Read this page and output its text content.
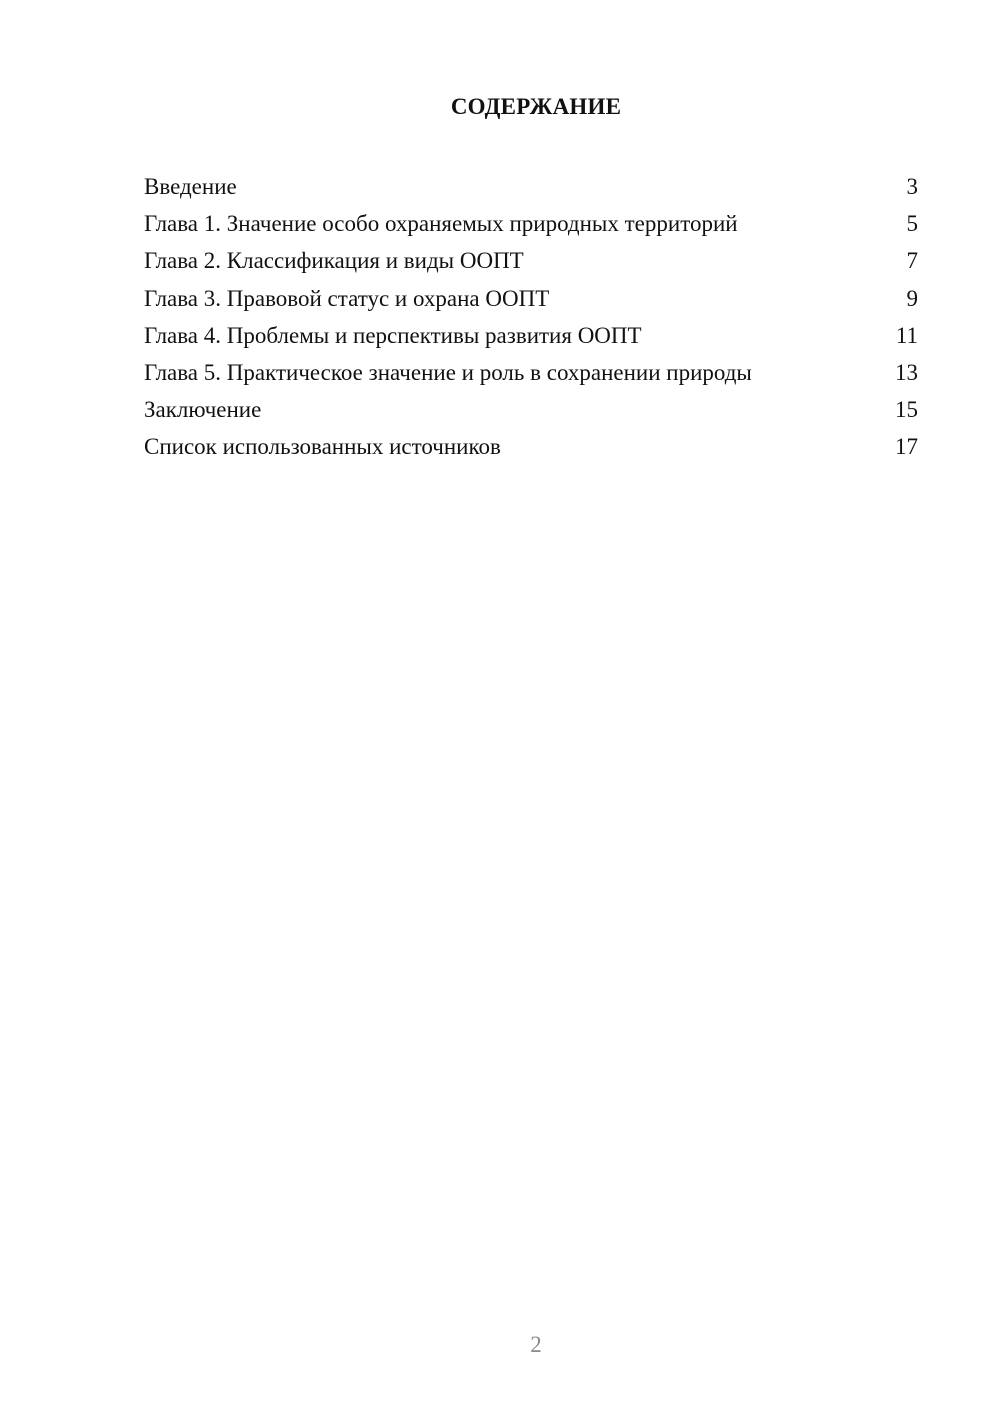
СОДЕРЖАНИЕ
Введение	3
Глава 1. Значение особо охраняемых природных территорий	5
Глава 2. Классификация и виды ООПТ	7
Глава 3. Правовой статус и охрана ООПТ	9
Глава 4. Проблемы и перспективы развития ООПТ	11
Глава 5. Практическое значение и роль в сохранении природы	13
Заключение	15
Список использованных источников	17
2
